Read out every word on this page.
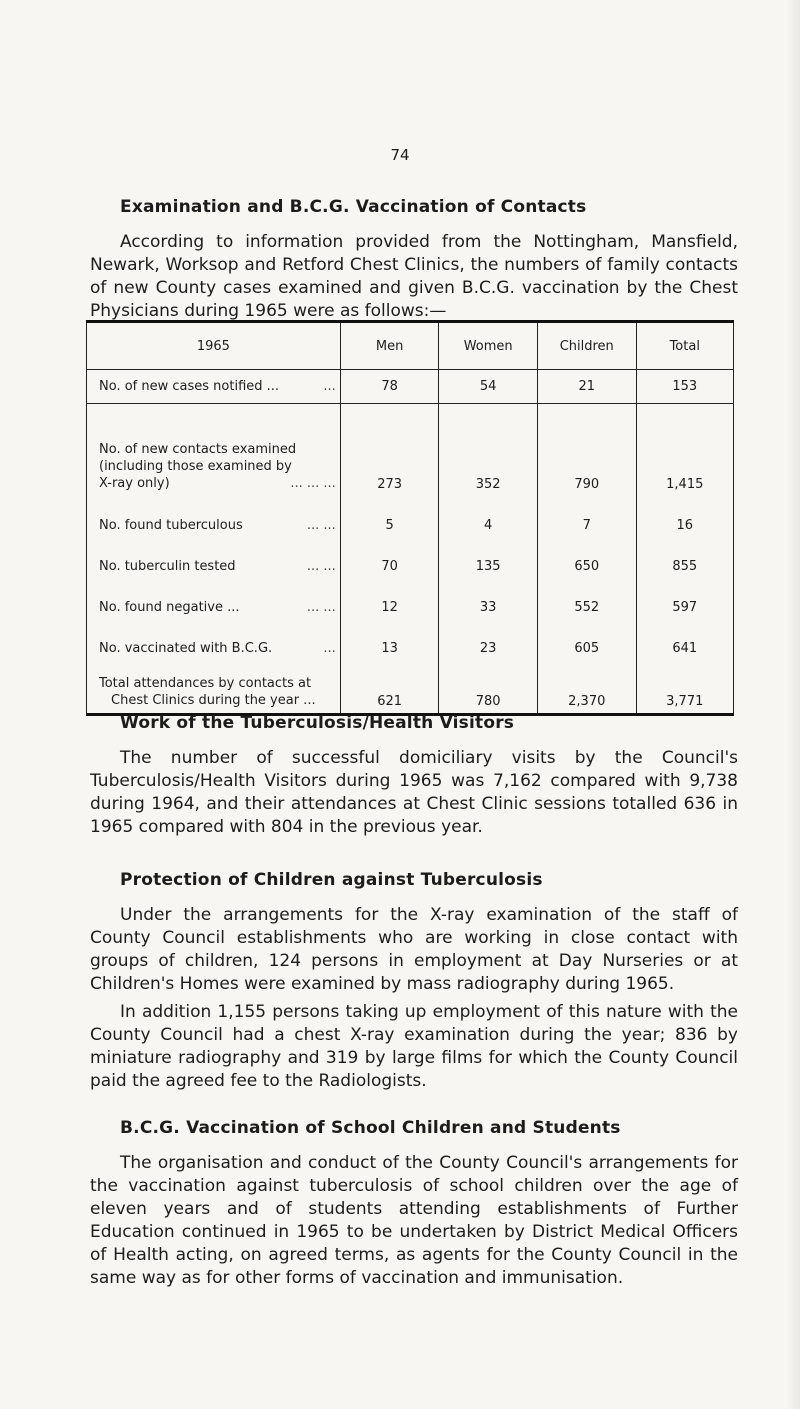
74
Examination and B.C.G. Vaccination of Contacts

According to information provided from the Nottingham, Mansfield, Newark, Worksop and Retford Chest Clinics, the numbers of family contacts of new County cases examined and given B.C.G. vaccination by the Chest Physicians during 1965 were as follows:—

1965	Men	Women	Children	Total
No. of new cases notified ... ...	78	54	21	153

No. of new contacts examined
(including those examined by
X-ray only) ... ... ...	273	352	790	1,415
No. found tuberculous ... ...	5	4	7	16
No. tuberculin tested ... ...	70	135	650	855
No. found negative ... ... ...	12	33	552	597
No. vaccinated with B.C.G. ...	13	23	605	641

Total attendances by contacts at
Chest Clinics during the year ...	621	780	2,370	3,771
Work of the Tuberculosis/Health Visitors

The number of successful domiciliary visits by the Council's Tuberculosis/Health Visitors during 1965 was 7,162 compared with 9,738 during 1964, and their attendances at Chest Clinic sessions totalled 636 in 1965 compared with 804 in the previous year.

Protection of Children against Tuberculosis

Under the arrangements for the X-ray examination of the staff of County Council establishments who are working in close contact with groups of children, 124 persons in employment at Day Nurseries or at Children's Homes were examined by mass radiography during 1965.

In addition 1,155 persons taking up employment of this nature with the County Council had a chest X-ray examination during the year; 836 by miniature radiography and 319 by large films for which the County Council paid the agreed fee to the Radiologists.

B.C.G. Vaccination of School Children and Students

The organisation and conduct of the County Council's arrangements for the vaccination against tuberculosis of school children over the age of eleven years and of students attending establishments of Further Education continued in 1965 to be undertaken by District Medical Officers of Health acting, on agreed terms, as agents for the County Council in the same way as for other forms of vaccination and immunisation.
